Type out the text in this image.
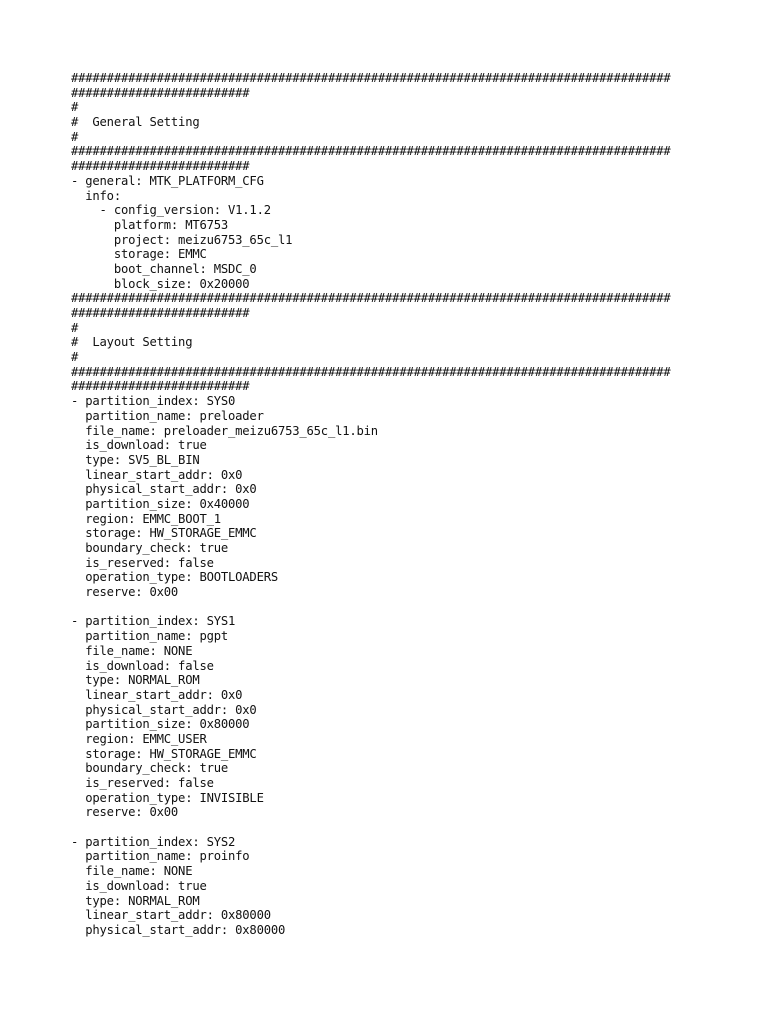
####################################################################################
#########################
#
#  General Setting
#
####################################################################################
#########################
- general: MTK_PLATFORM_CFG
info:
- config_version: V1.1.2
platform: MT6753
project: meizu6753_65c_l1
storage: EMMC
boot_channel: MSDC_0
block_size: 0x20000
####################################################################################
#########################
#
#  Layout Setting
#
####################################################################################
#########################
- partition_index: SYS0
partition_name: preloader
file_name: preloader_meizu6753_65c_l1.bin
is_download: true
type: SV5_BL_BIN
linear_start_addr: 0x0
physical_start_addr: 0x0
partition_size: 0x40000
region: EMMC_BOOT_1
storage: HW_STORAGE_EMMC
boundary_check: true
is_reserved: false
operation_type: BOOTLOADERS
reserve: 0x00

- partition_index: SYS1
partition_name: pgpt
file_name: NONE
is_download: false
type: NORMAL_ROM
linear_start_addr: 0x0
physical_start_addr: 0x0
partition_size: 0x80000
region: EMMC_USER
storage: HW_STORAGE_EMMC
boundary_check: true
is_reserved: false
operation_type: INVISIBLE
reserve: 0x00

- partition_index: SYS2
partition_name: proinfo
file_name: NONE
is_download: true
type: NORMAL_ROM
linear_start_addr: 0x80000
physical_start_addr: 0x80000
